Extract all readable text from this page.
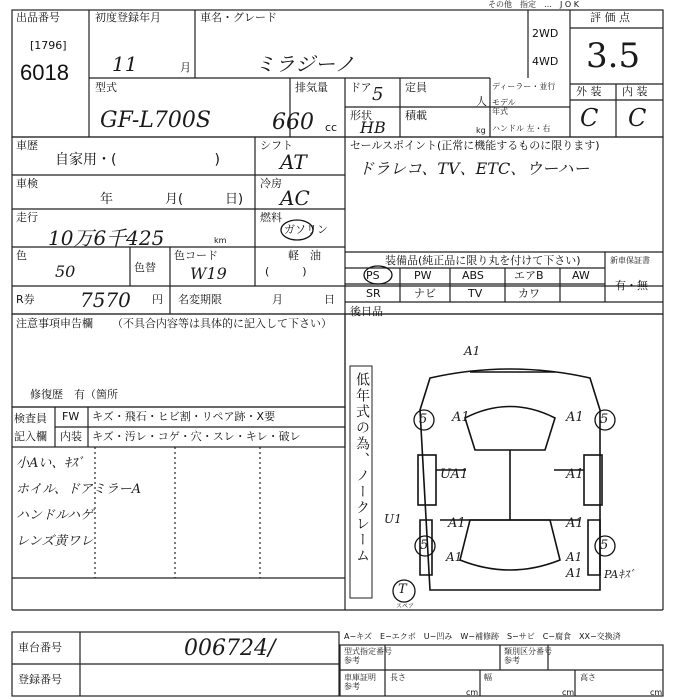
その他　指定　…　J O K
出品番号
[1796]
6018
初度登録年月
11	月
車名・グレード
ミラジーノ
2WD
4WD
評 価 点
3.5
型式
GF-L700S
排気量
660 cc
ドア 5 定員
人
ディーラー・並行
モデル
年式
ハンドル 左・右
形状
HB
積載
kg
外 装 内 装
C C
車歴
自家用・(　　　　　　　)
シフト
AT
車検
年	月(	日)
冷房
AC
走行
10万6千425	km
燃料
ガソリン
軽　油
(　　　)
色
50	色替
色コード
W19
セールスポイント(正常に機能するものに限ります)
ドラレコ、TV、ETC、ウーハー
装備品(純正品に限り丸を付けて下さい)	新車保証書
有・無
PS	PW	ABS	エアB	AW
SR	ナビ	TV	カワ
R券 7570 円 名変期限	月	日
後日品
注意事項申告欄 （不具合内容等は具体的に記入して下さい）
修復歴　有（箇所
検査員
記入欄
FW キズ・飛石・ヒビ割・リペア跡・X要
内装 キズ・汚レ・コゲ・穴・スレ・キレ・破レ
小Aい、ｷｽﾞ
ホイル、ドアミラーA
ハンドルハゲ
レンズ黄ワレ	低年式の為、ノークレーム
A1
5 A1	A1 5
UA1	A1
U1	A1	A1
5
A1
5
A1
A1 PAｷｽﾞ
T
スペア
A−キズ　E−エクボ　U−凹み　W−補修跡　S−サビ　C−腐食　XX−交換済
車台番号	006724/
登録番号
型式指定番号
参考
類別区分番号
参考
車庫証明
参考
長さ	幅	高さ
cm	cm	cm
